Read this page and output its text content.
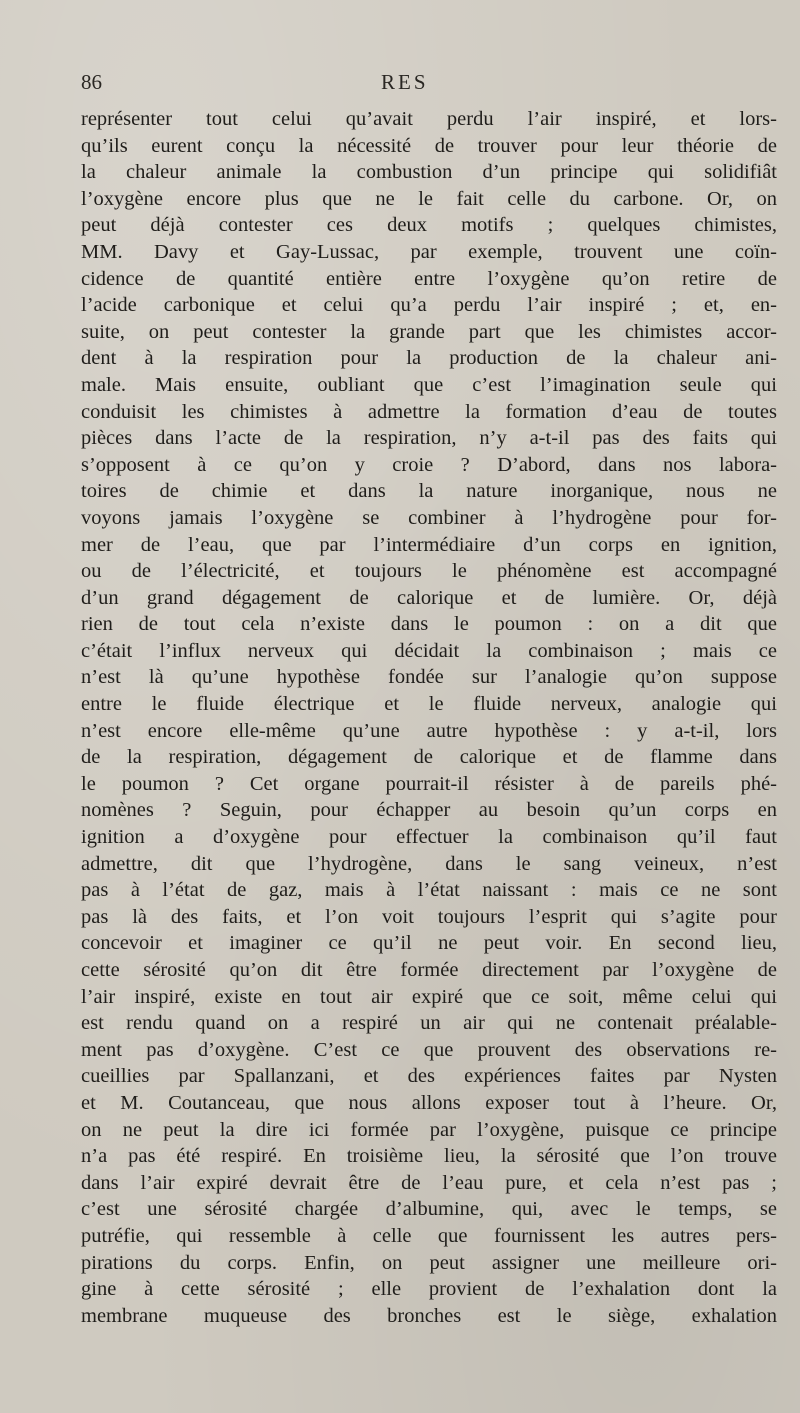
86	RES
représenter tout celui qu’avait perdu l’air inspiré, et lors-
qu’ils eurent conçu la nécessité de trouver pour leur théorie de
la chaleur animale la combustion d’un principe qui solidifiât
l’oxygène encore plus que ne le fait celle du carbone. Or, on
peut déjà contester ces deux motifs ; quelques chimistes,
MM. Davy et Gay-Lussac, par exemple, trouvent une coïn-
cidence de quantité entière entre l’oxygène qu’on retire de
l’acide carbonique et celui qu’a perdu l’air inspiré ; et, en-
suite, on peut contester la grande part que les chimistes accor-
dent à la respiration pour la production de la chaleur ani-
male. Mais ensuite, oubliant que c’est l’imagination seule qui
conduisit les chimistes à admettre la formation d’eau de toutes
pièces dans l’acte de la respiration, n’y a-t-il pas des faits qui
s’opposent à ce qu’on y croie ? D’abord, dans nos labora-
toires de chimie et dans la nature inorganique, nous ne
voyons jamais l’oxygène se combiner à l’hydrogène pour for-
mer de l’eau, que par l’intermédiaire d’un corps en ignition,
ou de l’électricité, et toujours le phénomène est accompagné
d’un grand dégagement de calorique et de lumière. Or, déjà
rien de tout cela n’existe dans le poumon : on a dit que
c’était l’influx nerveux qui décidait la combinaison ; mais ce
n’est là qu’une hypothèse fondée sur l’analogie qu’on suppose
entre le fluide électrique et le fluide nerveux, analogie qui
n’est encore elle-même qu’une autre hypothèse : y a-t-il, lors
de la respiration, dégagement de calorique et de flamme dans
le poumon ? Cet organe pourrait-il résister à de pareils phé-
nomènes ? Seguin, pour échapper au besoin qu’un corps en
ignition a d’oxygène pour effectuer la combinaison qu’il faut
admettre, dit que l’hydrogène, dans le sang veineux, n’est
pas à l’état de gaz, mais à l’état naissant : mais ce ne sont
pas là des faits, et l’on voit toujours l’esprit qui s’agite pour
concevoir et imaginer ce qu’il ne peut voir. En second lieu,
cette sérosité qu’on dit être formée directement par l’oxygène de
l’air inspiré, existe en tout air expiré que ce soit, même celui qui
est rendu quand on a respiré un air qui ne contenait préalable-
ment pas d’oxygène. C’est ce que prouvent des observations re-
cueillies par Spallanzani, et des expériences faites par Nysten
et M. Coutanceau, que nous allons exposer tout à l’heure. Or,
on ne peut la dire ici formée par l’oxygène, puisque ce principe
n’a pas été respiré. En troisième lieu, la sérosité que l’on trouve
dans l’air expiré devrait être de l’eau pure, et cela n’est pas ;
c’est une sérosité chargée d’albumine, qui, avec le temps, se
putréfie, qui ressemble à celle que fournissent les autres pers-
pirations du corps. Enfin, on peut assigner une meilleure ori-
gine à cette sérosité ; elle provient de l’exhalation dont la
membrane muqueuse des bronches est le siège, exhalation
